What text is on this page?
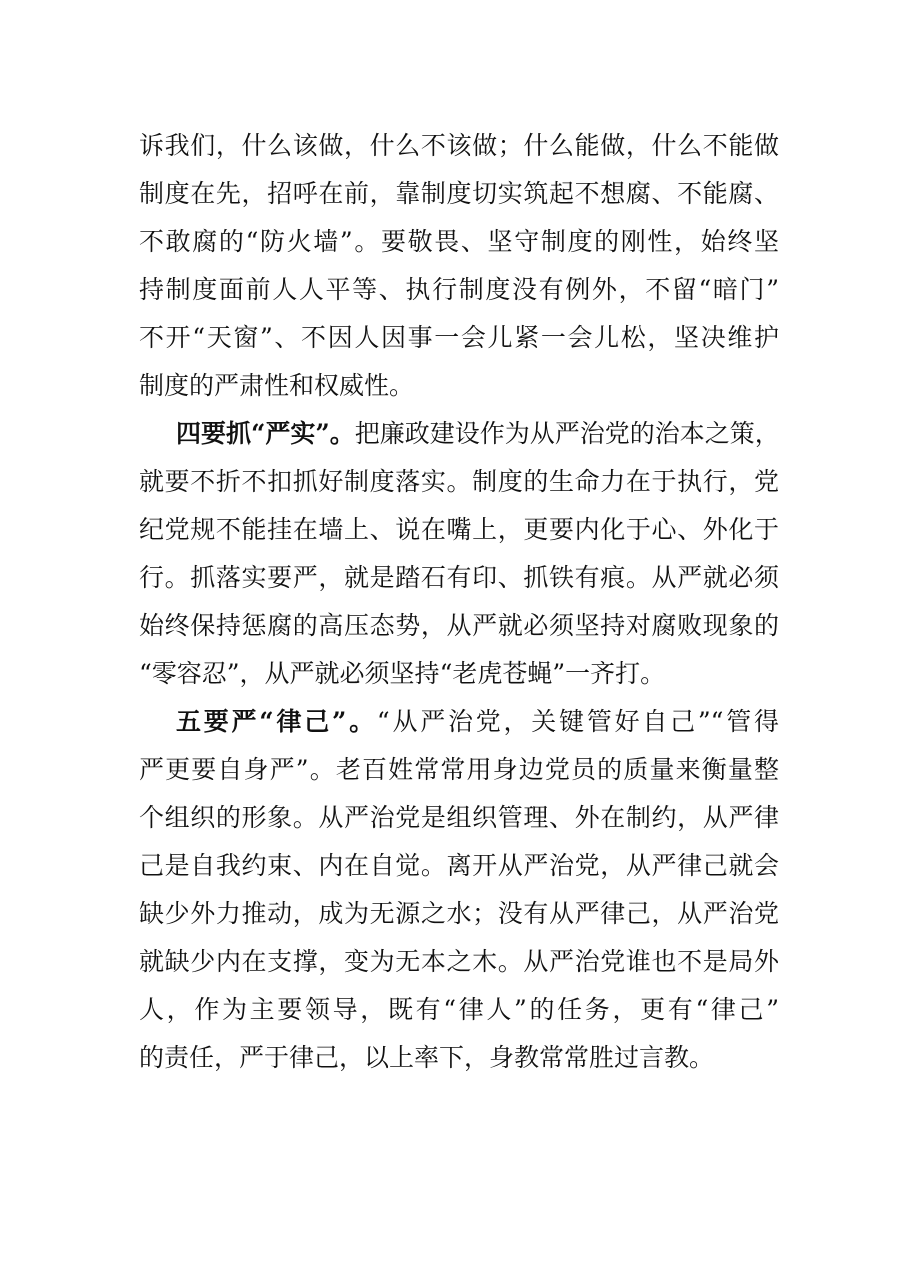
诉我们，什么该做，什么不该做；什么能做，什么不能做
制度在先，招呼在前，靠制度切实筑起不想腐、不能腐、
不敢腐的“防火墙”。要敬畏、坚守制度的刚性，始终坚
持制度面前人人平等、执行制度没有例外，不留“暗门”
不开“天窗”、不因人因事一会儿紧一会儿松，坚决维护
制度的严肃性和权威性。
四要抓“严实”。把廉政建设作为从严治党的治本之策，
就要不折不扣抓好制度落实。制度的生命力在于执行，党
纪党规不能挂在墙上、说在嘴上，更要内化于心、外化于
行。抓落实要严，就是踏石有印、抓铁有痕。从严就必须
始终保持惩腐的高压态势，从严就必须坚持对腐败现象的
“零容忍”，从严就必须坚持“老虎苍蝇”一齐打。
五要严“律己”。“从严治党，关键管好自己”“管得
严更要自身严”。老百姓常常用身边党员的质量来衡量整
个组织的形象。从严治党是组织管理、外在制约，从严律
己是自我约束、内在自觉。离开从严治党，从严律己就会
缺少外力推动，成为无源之水；没有从严律己，从严治党
就缺少内在支撑，变为无本之木。从严治党谁也不是局外
人，作为主要领导，既有“律人”的任务，更有“律己”
的责任，严于律己，以上率下，身教常常胜过言教。
